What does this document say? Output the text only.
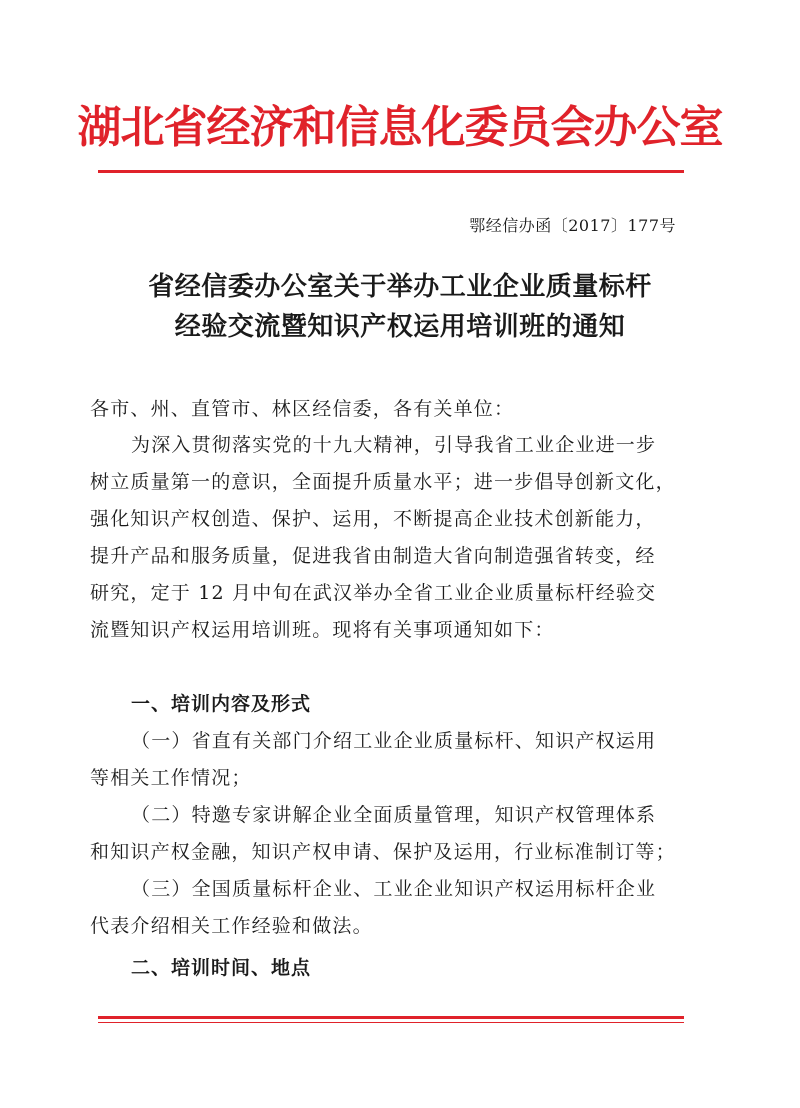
湖北省经济和信息化委员会办公室
鄂经信办函〔2017〕177号
省经信委办公室关于举办工业企业质量标杆
经验交流暨知识产权运用培训班的通知
各市、州、直管市、林区经信委，各有关单位：
为深入贯彻落实党的十九大精神，引导我省工业企业进一步
树立质量第一的意识，全面提升质量水平；进一步倡导创新文化，
强化知识产权创造、保护、运用，不断提高企业技术创新能力，
提升产品和服务质量，促进我省由制造大省向制造强省转变，经
研究，定于 12 月中旬在武汉举办全省工业企业质量标杆经验交
流暨知识产权运用培训班。现将有关事项通知如下：
一、培训内容及形式
（一）省直有关部门介绍工业企业质量标杆、知识产权运用
等相关工作情况；
（二）特邀专家讲解企业全面质量管理，知识产权管理体系
和知识产权金融，知识产权申请、保护及运用，行业标准制订等；
（三）全国质量标杆企业、工业企业知识产权运用标杆企业
代表介绍相关工作经验和做法。
二、培训时间、地点
